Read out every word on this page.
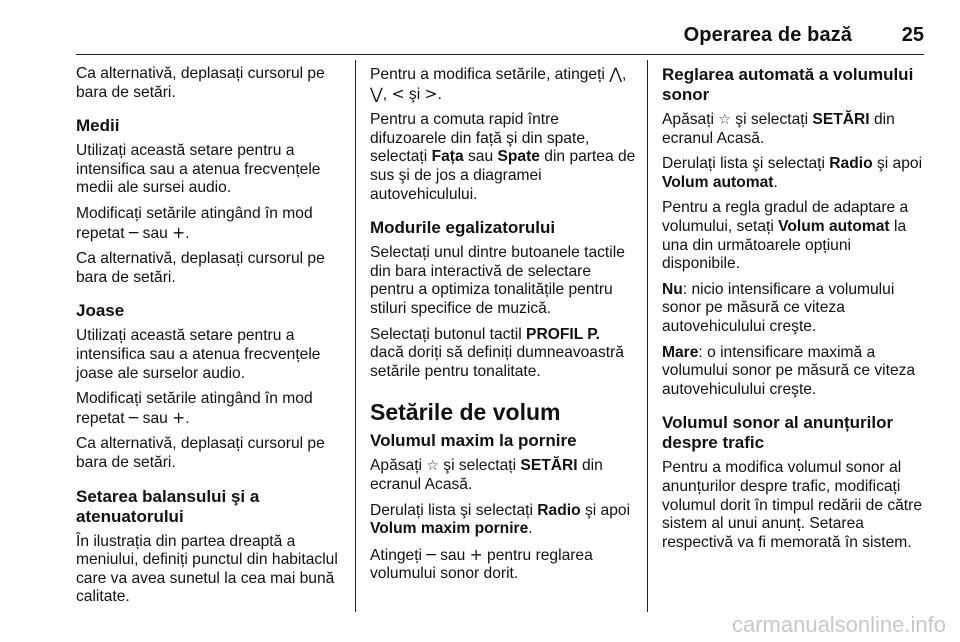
Operarea de bază 25

Ca alternativă, deplasați cursorul pe bara de setări.

Medii

Utilizați această setare pentru a intensifica sau a atenua frecvențele medii ale sursei audio.

Modificați setările atingând în mod repetat ─ sau +.

Ca alternativă, deplasați cursorul pe bara de setări.

Joase

Utilizați această setare pentru a intensifica sau a atenua frecvențele joase ale surselor audio.

Modificați setările atingând în mod repetat ─ sau +.

Ca alternativă, deplasați cursorul pe bara de setări.

Setarea balansului şi a atenuatorului

În ilustrația din partea dreaptă a meniului, definiți punctul din habitaclul care va avea sunetul la cea mai bună calitate.

Pentru a modifica setările, atingeți ⋀, ⋁, < şi >.

Pentru a comuta rapid între difuzoarele din față şi din spate, selectați Fața sau Spate din partea de sus şi de jos a diagramei autovehiculului.

Modurile egalizatorului

Selectați unul dintre butoanele tactile din bara interactivă de selectare pentru a optimiza tonalitățile pentru stiluri specifice de muzică.

Selectați butonul tactil PROFIL P. dacă doriți să definiți dumneavoastră setările pentru tonalitate.

Setările de volum
Volumul maxim la pornire

Apăsați ☆ şi selectați SETĂRI din ecranul Acasă.

Derulați lista şi selectați Radio şi apoi Volum maxim pornire.

Atingeți ─ sau + pentru reglarea volumului sonor dorit.

Reglarea automată a volumului sonor

Apăsați ☆ şi selectați SETĂRI din ecranul Acasă.

Derulați lista şi selectați Radio şi apoi Volum automat.

Pentru a regla gradul de adaptare a volumului, setați Volum automat la una din următoarele opțiuni disponibile.

Nu: nicio intensificare a volumului sonor pe măsură ce viteza autovehiculului creşte.

Mare: o intensificare maximă a volumului sonor pe măsură ce viteza autovehiculului creşte.

Volumul sonor al anunțurilor despre trafic

Pentru a modifica volumul sonor al anunțurilor despre trafic, modificați volumul dorit în timpul redării de către sistem al unui anunț. Setarea respectivă va fi memorată în sistem.

carmanualsonline.info
